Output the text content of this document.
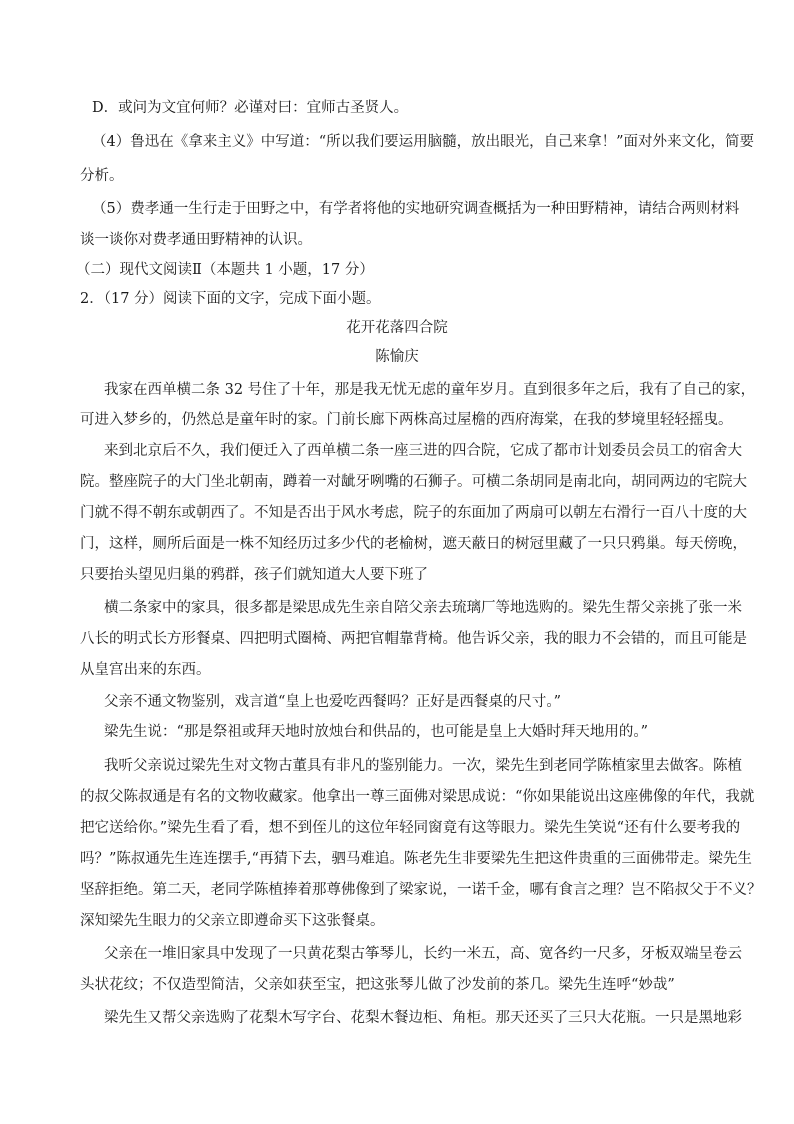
D．或问为文宜何师？必谨对曰：宜师古圣贤人。
（4）鲁迅在《拿来主义》中写道：“所以我们要运用脑髓，放出眼光，自己来拿！”面对外来文化，简要
分析。
（5）费孝通一生行走于田野之中，有学者将他的实地研究调查概括为一种田野精神，请结合两则材料
谈一谈你对费孝通田野精神的认识。
（二）现代文阅读Ⅱ（本题共 1 小题，17 分）
2．（17 分）阅读下面的文字，完成下面小题。
花开花落四合院
陈愉庆
我家在西单横二条 32 号住了十年，那是我无忧无虑的童年岁月。直到很多年之后，我有了自己的家，
可进入梦乡的，仍然总是童年时的家。门前长廊下两株高过屋檐的西府海棠，在我的梦境里轻轻摇曳。
来到北京后不久，我们便迁入了西单横二条一座三进的四合院，它成了都市计划委员会员工的宿舍大
院。整座院子的大门坐北朝南，蹲着一对龇牙咧嘴的石狮子。可横二条胡同是南北向，胡同两边的宅院大
门就不得不朝东或朝西了。不知是否出于风水考虑，院子的东面加了两扇可以朝左右滑行一百八十度的大
门，这样，厕所后面是一株不知经历过多少代的老榆树，遮天蔽日的树冠里藏了一只只鸦巢。每天傍晚，
只要抬头望见归巢的鸦群，孩子们就知道大人要下班了
横二条家中的家具，很多都是梁思成先生亲自陪父亲去琉璃厂等地选购的。梁先生帮父亲挑了张一米
八长的明式长方形餐桌、四把明式圈椅、两把官帽靠背椅。他告诉父亲，我的眼力不会错的，而且可能是
从皇宫出来的东西。
父亲不通文物鉴别，戏言道“皇上也爱吃西餐吗？正好是西餐桌的尺寸。”
梁先生说：“那是祭祖或拜天地时放烛台和供品的，也可能是皇上大婚时拜天地用的。”
我听父亲说过梁先生对文物古董具有非凡的鉴别能力。一次，梁先生到老同学陈植家里去做客。陈植
的叔父陈叔通是有名的文物收藏家。他拿出一尊三面佛对梁思成说：“你如果能说出这座佛像的年代，我就
把它送给你。”梁先生看了看，想不到侄儿的这位年轻同窗竟有这等眼力。梁先生笑说“还有什么要考我的
吗？”陈叔通先生连连摆手,“再猜下去，驷马难追。陈老先生非要梁先生把这件贵重的三面佛带走。梁先生
坚辞拒绝。第二天，老同学陈植捧着那尊佛像到了梁家说，一诺千金，哪有食言之理？岂不陷叔父于不义？
深知梁先生眼力的父亲立即遵命买下这张餐桌。
父亲在一堆旧家具中发现了一只黄花梨古筝琴儿，长约一米五，高、宽各约一尺多，牙板双端呈卷云
头状花纹；不仅造型简洁，父亲如获至宝，把这张琴儿做了沙发前的茶几。梁先生连呼“妙哉”
梁先生又帮父亲选购了花梨木写字台、花梨木餐边柜、角柜。那天还买了三只大花瓶。一只是黑地彩
